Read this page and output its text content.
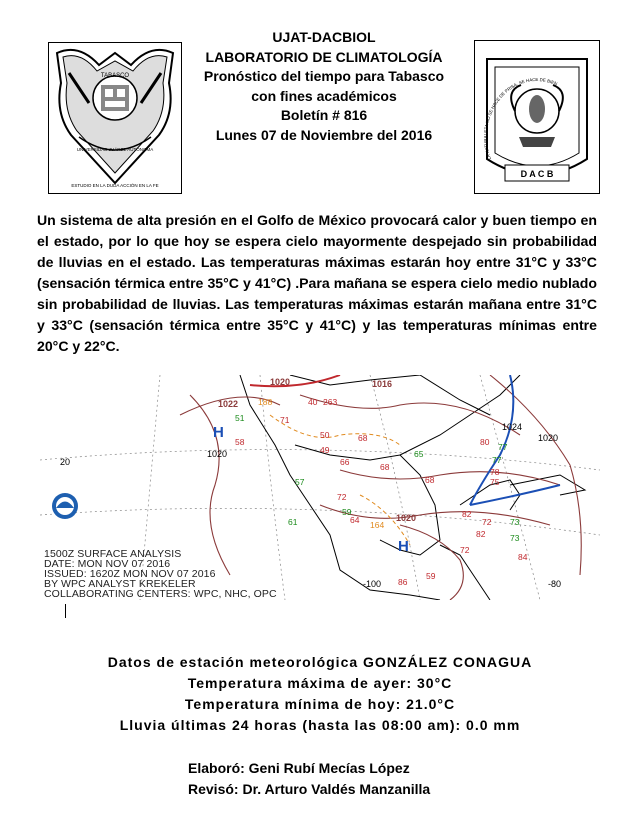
TABASCO
UNIVERSIDAD JUÁREZ AUTÓNOMA
ESTUDIO EN LA DUDA ACCIÓN EN LA FE
LA NATURALEZA NO SE HACE DE PRISA, SE HACE DE BIEN
D A C B
UJAT-DACBIOL
LABORATORIO DE CLIMATOLOGÍA
Pronóstico del tiempo para Tabasco
con fines académicos
Boletín # 816
Lunes 07 de Noviembre del 2016
Un sistema de alta presión en el Golfo de México provocará calor y buen tiempo en el estado, por lo que hoy se espera cielo mayormente despejado sin probabilidad de lluvias en el estado. Las temperaturas máximas estarán hoy entre 31°C y 33°C (sensación térmica entre 35°C y 41°C) .Para mañana se espera cielo medio nublado sin probabilidad de lluvias. Las temperaturas máximas estarán mañana entre 31°C y 33°C (sensación térmica entre 35°C y 41°C) y las temperaturas mínimas entre 20°C y 22°C.
1022
1020
1020	1016
1020
1020
1024
H
H
20
-100	-80
51
58	68
71
50
49
66	68
57	68
72
73
77
75
78
72
59
64
82
73
84
72
61
86
59
164
82
80 77
65
263
188	40
1500Z SURFACE ANALYSIS
DATE: MON NOV 07 2016
ISSUED: 1620Z MON NOV 07 2016
BY WPC ANALYST KREKELER
COLLABORATING CENTERS: WPC, NHC, OPC
Datos de estación meteorológica GONZÁLEZ CONAGUA
Temperatura máxima de ayer: 30°C
Temperatura mínima de hoy: 21.0°C
Lluvia últimas 24 horas (hasta las 08:00 am): 0.0 mm
Elaboró: Geni Rubí Mecías López
Revisó: Dr. Arturo Valdés Manzanilla
